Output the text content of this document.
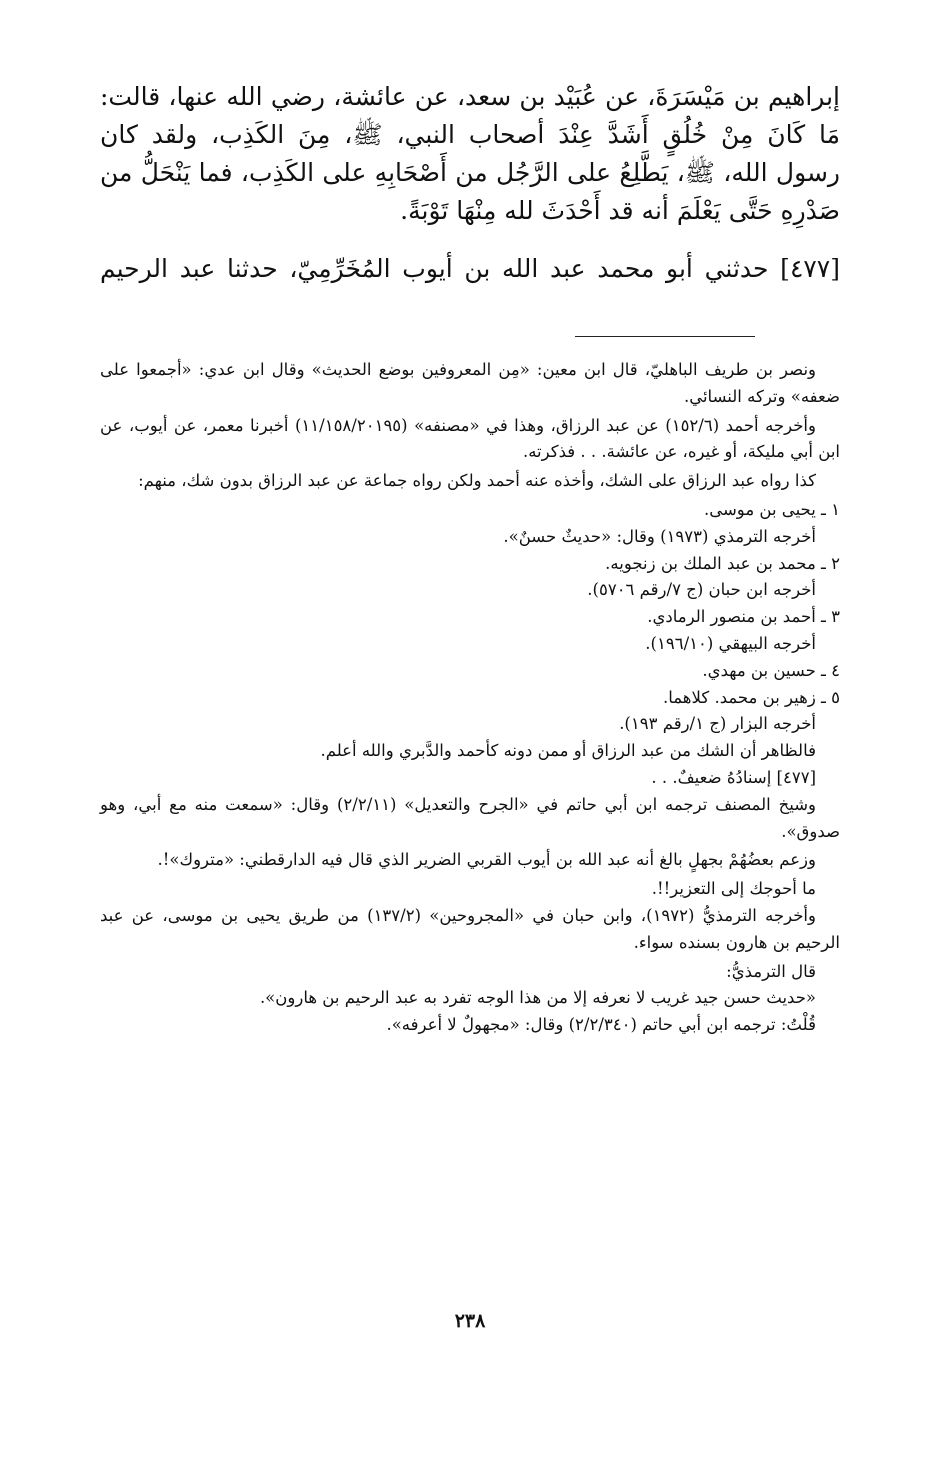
إبراهيم بن مَيْسَرَةَ، عن عُبَيْد بن سعد، عن عائشة، رضي الله عنها، قالت: مَا كَانَ مِنْ خُلُقٍ أَشَدَّ عِنْدَ أصحاب النبي، ﷺ، مِنَ الكَذِب، ولقد كان رسول الله، ﷺ، يَطَّلِعُ على الرَّجُل من أَصْحَابِهِ على الكَذِب، فما يَنْحَلُّ من صَدْرِهِ حَتَّى يَعْلَمَ أنه قد أَحْدَثَ لله مِنْهَا تَوْبَةً.

[٤٧٧] حدثني أبو محمد عبد الله بن أيوب المُخَرِّمِيّ، حدثنا عبد الرحيم

ونصر بن طريف الباهليّ، قال ابن معين: «مِن المعروفين بوضع الحديث» وقال ابن عدي: «أجمعوا على ضعفه» وتركه النسائي.

وأخرجه أحمد (١٥٢/٦) عن عبد الرزاق، وهذا في «مصنفه» (١١/١٥٨/٢٠١٩٥) أخبرنا معمر، عن أيوب، عن ابن أبي مليكة، أو غيره، عن عائشة. . . فذكرته.

كذا رواه عبد الرزاق على الشك، وأخذه عنه أحمد ولكن رواه جماعة عن عبد الرزاق بدون شك، منهم:

١ ـ يحيى بن موسى.

أخرجه الترمذي (١٩٧٣) وقال: «حديثٌ حسنٌ».

٢ ـ محمد بن عبد الملك بن زنجويه.

أخرجه ابن حبان (ج ٧/رقم ٥٧٠٦).

٣ ـ أحمد بن منصور الرمادي.

أخرجه البيهقي (١٩٦/١٠).

٤ ـ حسين بن مهدي.

٥ ـ زهير بن محمد. كلاهما.

أخرجه البزار (ج ١/رقم ١٩٣).

فالظاهر أن الشك من عبد الرزاق أو ممن دونه كأحمد والدَّبري والله أعلم.

[٤٧٧] إسنادُهُ ضعيفٌ. . .

وشيخ المصنف ترجمه ابن أبي حاتم في «الجرح والتعديل» (٢/٢/١١) وقال: «سمعت منه مع أبي، وهو صدوق».

وزعم بعضُهُمْ بجهلٍ بالغ أنه عبد الله بن أيوب القربي الضرير الذي قال فيه الدارقطني: «متروك»!.

ما أحوجك إلى التعزير!!.

وأخرجه الترمذيُّ (١٩٧٢)، وابن حبان في «المجروحين» (١٣٧/٢) من طريق يحيى بن موسى، عن عبد الرحيم بن هارون بسنده سواء.

قال الترمذيُّ:

«حديث حسن جيد غريب لا نعرفه إلا من هذا الوجه تفرد به عبد الرحيم بن هارون».

قُلْتُ: ترجمه ابن أبي حاتم (٢/٢/٣٤٠) وقال: «مجهولٌ لا أعرفه».

٢٣٨
